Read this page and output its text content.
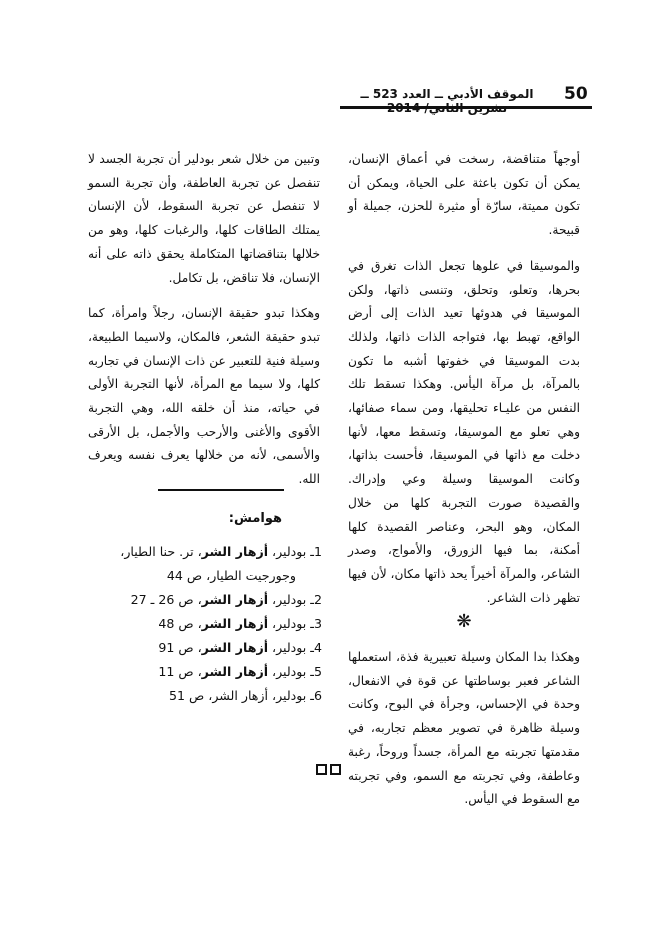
50
الموقف الأدبي ــ العدد 523 ــ

أوجهاً متناقضة، رسخت في أعماق الإنسان، يمكن أن تكون باعثة على الحياة، ويمكن أن تكون مميتة، سارّة أو مثيرة للحزن، جميلة أو قبيحة.

والموسيقا في علوها تجعل الذات تغرق في بحرها، وتعلو، وتحلق، وتنسى ذاتها، ولكن الموسيقا في هدوئها تعيد الذات إلى أرض الواقع، تهبط بها، فتواجه الذات ذاتها، ولذلك بدت الموسيقا في خفوتها أشبه ما تكون بالمرآة، بل مرآة اليأس. وهكذا تسقط تلك النفس من عليـاء تحليقها، ومن سماء صفائها، وهي تعلو مع الموسيقا، وتسقط معها، لأنها دخلت مع ذاتها في الموسيقا، فأحست بذاتها، وكانت الموسيقا وسيلة وعي وإدراك. والقصيدة صورت التجربة كلها من خلال المكان، وهو البحر، وعناصر القصيدة كلها أمكنة، بما فيها الزورق، والأمواج، وصدر الشاعر، والمرآة أخيراً يحد ذاتها مكان، لأن فيها تظهر ذات الشاعر.

❋

وهكذا بدا المكان وسيلة تعبيرية فذة، استعملها الشاعر فعبر بوساطتها عن قوة في الانفعال، وحدة في الإحساس، وجرأة في البوح، وكانت وسيلة ظاهرة في تصوير معظم تجاربه، في مقدمتها تجربته مع المرأة، جسداً وروحاً، رغبة وعاطفة، وفي تجربته مع السمو، وفي تجربته مع السقوط في اليأس.

وتبين من خلال شعر بودلير أن تجربة الجسد لا تنفصل عن تجربة العاطفة، وأن تجربة السمو لا تنفصل عن تجربة السقوط، لأن الإنسان يمتلك الطاقات كلها، والرغبات كلها، وهو من خلالها بتناقضاتها المتكاملة يحقق ذاته على أنه الإنسان، فلا تناقض، بل تكامل.

وهكذا تبدو حقيقة الإنسان، رجلاً وامرأة، كما تبدو حقيقة الشعر، فالمكان، ولاسيما الطبيعة، وسيلة فنية للتعبير عن ذات الإنسان في تجاربه كلها، ولا سيما مع المرأة، لأنها التجربة الأولى في حياته، منذ أن خلقه الله، وهي التجربة الأقوى والأغنى والأرحب والأجمل، بل الأرقى والأسمى، لأنه من خلالها يعرف نفسه ويعرف الله.

هوامش:
1ـ بودلير، أزهار الشر، تر. حنا الطيار،
وجورجيت الطيار، ص 44
2ـ بودلير، أزهار الشر، ص 26 ـ 27
3ـ بودلير، أزهار الشر، ص 48
4ـ بودلير، أزهار الشر، ص 91
5ـ بودلير، أزهار الشر، ص 11
6ـ بودلير، أزهار الشر، ص 51
